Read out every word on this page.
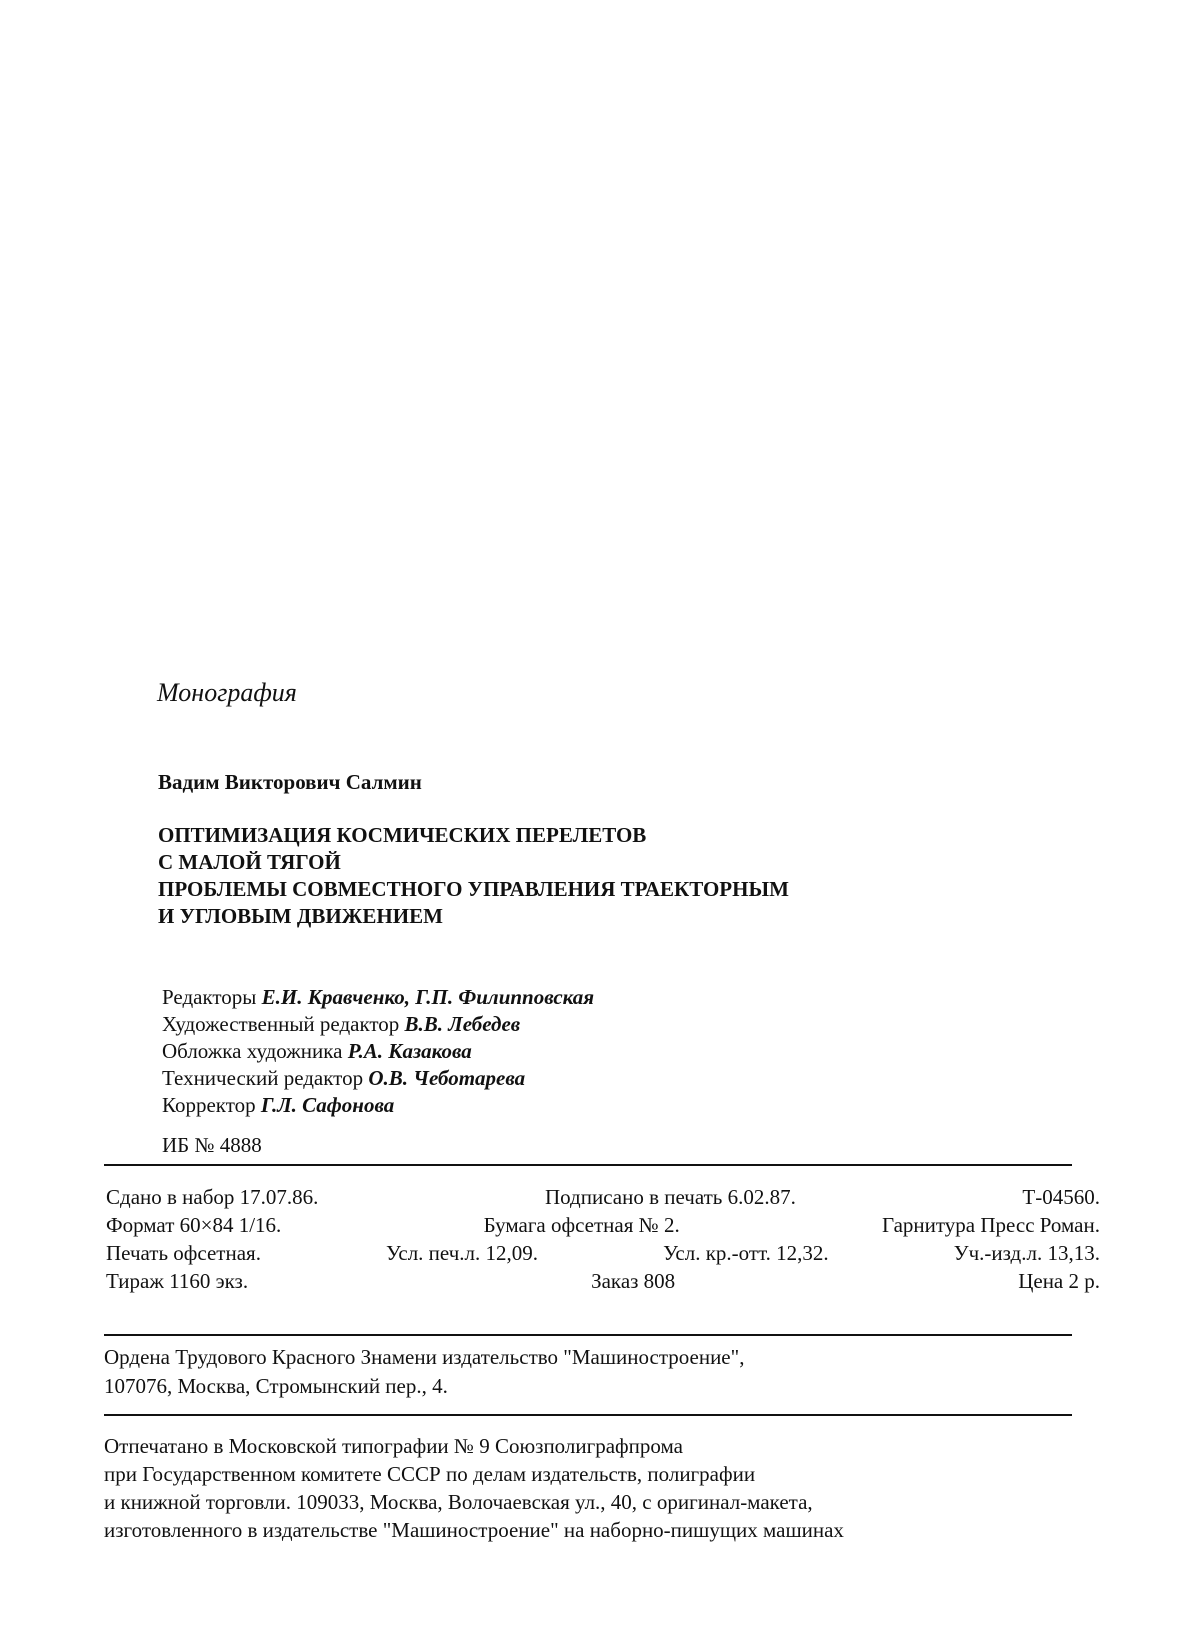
Монография
Вадим Викторович Салмин
ОПТИМИЗАЦИЯ КОСМИЧЕСКИХ ПЕРЕЛЕТОВ
С МАЛОЙ ТЯГОЙ
ПРОБЛЕМЫ СОВМЕСТНОГО УПРАВЛЕНИЯ ТРАЕКТОРНЫМ
И УГЛОВЫМ ДВИЖЕНИЕМ
Редакторы Е.И. Кравченко, Г.П. Филипповская
Художественный редактор В.В. Лебедев
Обложка художника Р.А. Казакова
Технический редактор О.В. Чеботарева
Корректор Г.Л. Сафонова
ИБ № 4888
Сдано в набор 17.07.86.	Подписано в печать 6.02.87.	Т-04560.
Формат 60×84 1/16.	Бумага офсетная № 2.	Гарнитура Пресс Роман.
Печать офсетная.	Усл. печ.л. 12,09.	Усл. кр.-отт. 12,32.	Уч.-изд.л. 13,13.
Тираж 1160 экз.	Заказ 808	Цена 2 р.
Ордена Трудового Красного Знамени издательство "Машиностроение",
107076, Москва, Стромынский пер., 4.
Отпечатано в Московской типографии № 9 Союзполиграфпрома
при Государственном комитете СССР по делам издательств, полиграфии
и книжной торговли. 109033, Москва, Волочаевская ул., 40, с оригинал-макета,
изготовленного в издательстве "Машиностроение" на наборно-пишущих машинах
